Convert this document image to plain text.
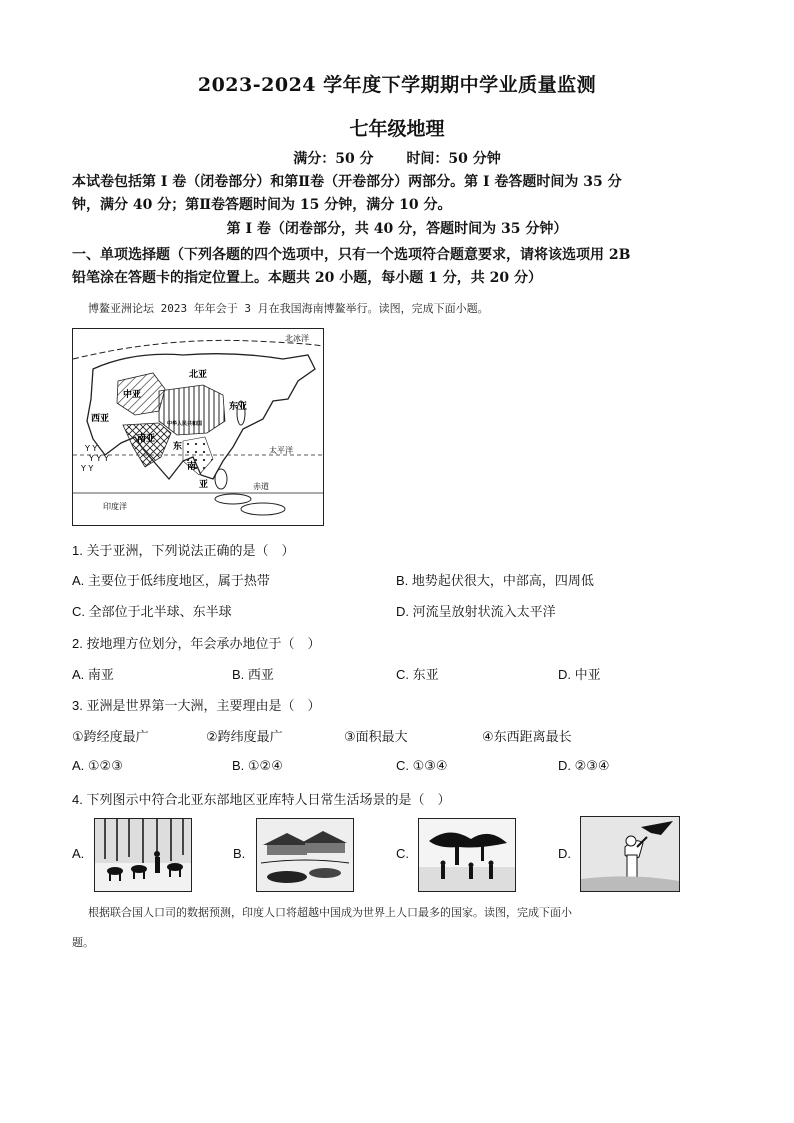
2023-2024 学年度下学期期中学业质量监测
七年级地理
满分：50 分 时间：50 分钟
本试卷包括第 I 卷（闭卷部分）和第Ⅱ卷（开卷部分）两部分。第 I 卷答题时间为 35 分
钟，满分 40 分；第Ⅱ卷答题时间为 15 分钟，满分 10 分。
第 I 卷（闭卷部分，共 40 分，答题时间为 35 分钟）
一、单项选择题（下列各题的四个选项中，只有一个选项符合题意要求，请将该选项用 2B
铅笔涂在答题卡的指定位置上。本题共 20 小题，每小题 1 分，共 20 分）
博鳌亚洲论坛 2023 年年会于 3 月在我国海南博鳌举行。读图，完成下面小题。
Y Y
Y Y Y
Y Y
北冰洋
北亚
中亚
西亚
东亚
中华人民共和国
南亚
东
南
亚
太平洋
赤道
印度洋
1. 关于亚洲，下列说法正确的是（　）
A. 主要位于低纬度地区，属于热带	B. 地势起伏很大，中部高，四周低
C. 全部位于北半球、东半球	D. 河流呈放射状流入太平洋
2. 按地理方位划分，年会承办地位于（　）
A. 南亚	B. 西亚	C. 东亚	D. 中亚
3. 亚洲是世界第一大洲，主要理由是（　）
①跨经度最广	②跨纬度最广	③面积最大	④东西距离最长
A. ①②③	B. ①②④	C. ①③④	D. ②③④
4. 下列图示中符合北亚东部地区亚库特人日常生活场景的是（　）
A.	B.	C.	D.
根据联合国人口司的数据预测，印度人口将超越中国成为世界上人口最多的国家。读图，完成下面小
题。
